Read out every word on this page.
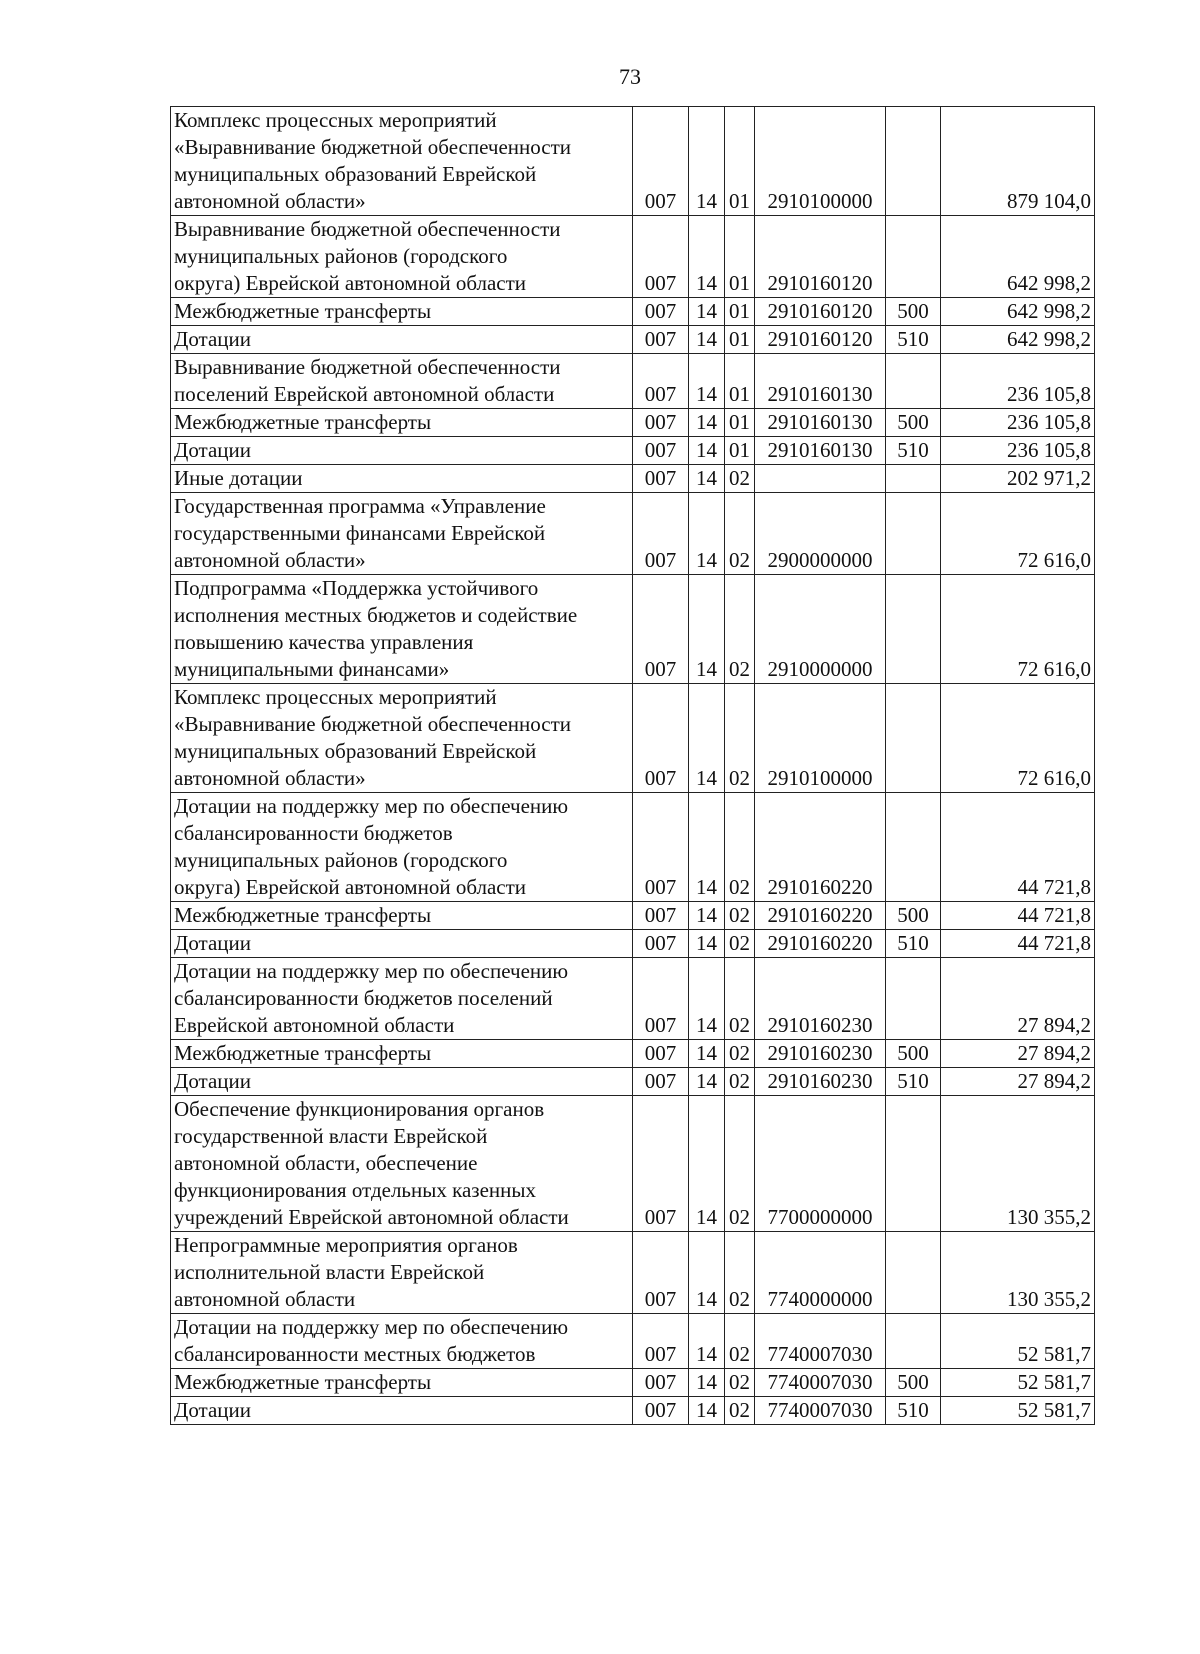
73
Комплекс процессных мероприятий
«Выравнивание бюджетной обеспеченности
муниципальных образований Еврейской
автономной области»	007	14	01	2910100000		879 104,0
Выравнивание бюджетной обеспеченности
муниципальных районов (городского
округа) Еврейской автономной области	007	14	01	2910160120		642 998,2
Межбюджетные трансферты	007	14	01	2910160120	500	642 998,2
Дотации	007	14	01	2910160120	510	642 998,2
Выравнивание бюджетной обеспеченности
поселений Еврейской автономной области	007	14	01	2910160130		236 105,8
Межбюджетные трансферты	007	14	01	2910160130	500	236 105,8
Дотации	007	14	01	2910160130	510	236 105,8
Иные дотации	007	14	02			202 971,2
Государственная программа «Управление
государственными финансами Еврейской
автономной области»	007	14	02	2900000000		72 616,0
Подпрограмма «Поддержка устойчивого
исполнения местных бюджетов и содействие
повышению качества управления
муниципальными финансами»	007	14	02	2910000000		72 616,0
Комплекс процессных мероприятий
«Выравнивание бюджетной обеспеченности
муниципальных образований Еврейской
автономной области»	007	14	02	2910100000		72 616,0
Дотации на поддержку мер по обеспечению
сбалансированности бюджетов
муниципальных районов (городского
округа) Еврейской автономной области	007	14	02	2910160220		44 721,8
Межбюджетные трансферты	007	14	02	2910160220	500	44 721,8
Дотации	007	14	02	2910160220	510	44 721,8
Дотации на поддержку мер по обеспечению
сбалансированности бюджетов поселений
Еврейской автономной области	007	14	02	2910160230		27 894,2
Межбюджетные трансферты	007	14	02	2910160230	500	27 894,2
Дотации	007	14	02	2910160230	510	27 894,2
Обеспечение функционирования органов
государственной власти Еврейской
автономной области, обеспечение
функционирования отдельных казенных
учреждений Еврейской автономной области	007	14	02	7700000000		130 355,2
Непрограммные мероприятия органов
исполнительной власти Еврейской
автономной области	007	14	02	7740000000		130 355,2
Дотации на поддержку мер по обеспечению
сбалансированности местных бюджетов	007	14	02	7740007030		52 581,7
Межбюджетные трансферты	007	14	02	7740007030	500	52 581,7
Дотации	007	14	02	7740007030	510	52 581,7
